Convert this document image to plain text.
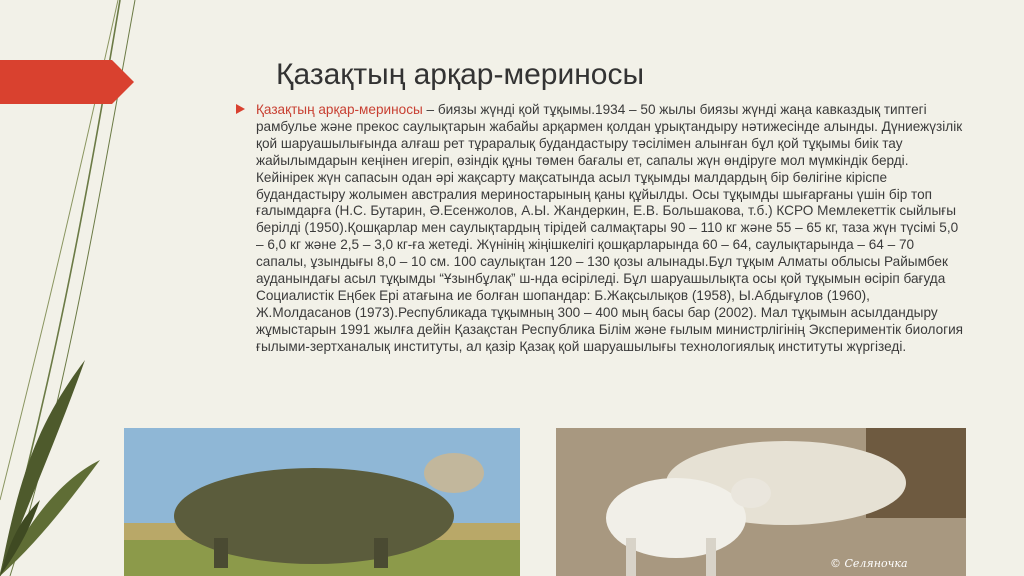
Қазақтың арқар-мериносы
Қазақтың арқар-мериносы – биязы жүнді қой тұқымы.1934 – 50 жылы биязы жүнді жаңа кавказдық типтегі рамбулье және прекос саулықтарын жабайы арқармен қолдан ұрықтандыру нәтижесінде алынды. Дүниежүзілік қой шаруашылығында алғаш рет тұраралық будандастыру тәсілімен алынған бұл қой тұқымы биік тау жайылымдарын кеңінен игеріп, өзіндік құны төмен бағалы ет, сапалы жүн өндіруге мол мүмкіндік берді. Кейінірек жүн сапасын одан әрі жақсарту мақсатында асыл тұқымды малдардың бір бөлігіне кіріспе будандастыру жолымен австралия мериностарының қаны құйылды. Осы тұқымды шығарғаны үшін бір топ ғалымдарға (Н.С. Бутарин, Ә.Есенжолов, А.Ы. Жандеркин, Е.В. Большакова, т.б.) КСРО Мемлекеттік сыйлығы берілді (1950).Қошқарлар мен саулықтардың тірідей салмақтары 90 – 110 кг және 55 – 65 кг, таза жүн түсімі 5,0 – 6,0 кг және 2,5 – 3,0 кг-ға жетеді. Жүнінің жіңішкелігі қошқарларында 60 – 64, саулықтарында – 64 – 70 сапалы, ұзындығы 8,0 – 10 см. 100 саулықтан 120 – 130 қозы алынады.Бұл тұқым Алматы облысы Райымбек ауданындағы асыл тұқымды “Ұзынбұлақ” ш-нда өсіріледі. Бұл шаруашылықта осы қой тұқымын өсіріп бағуда Социалистік Еңбек Ері атағына ие болған шопандар: Б.Жақсылықов (1958), Ы.Абдығұлов (1960), Ж.Молдасанов (1973).Республикада тұқымның 300 – 400 мың басы бар (2002). Мал тұқымын асылдандыру жұмыстарын 1991 жылға дейін Қазақстан Республика Білім және ғылым министрлігінің Экспериментік биология ғылыми-зертханалық институты, ал қазір Қазақ қой шаруашылығы технологиялық институты жүргізеді.
© Селяночка
